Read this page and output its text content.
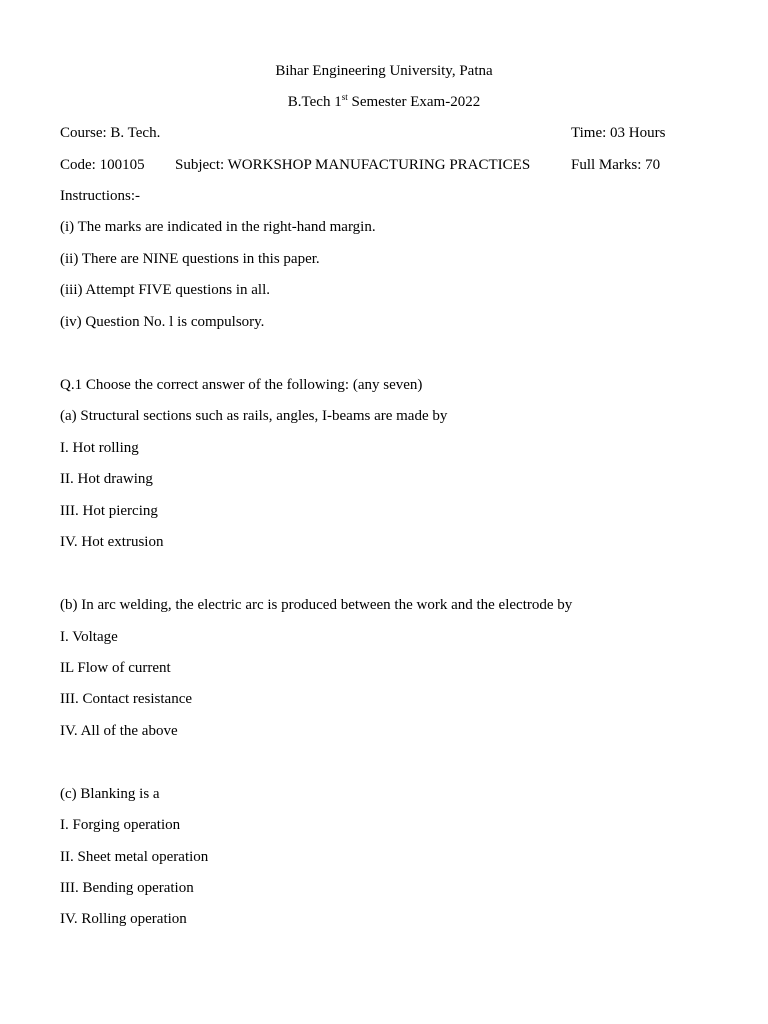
Bihar Engineering University, Patna
B.Tech 1st Semester Exam-2022
Course: B. Tech.	Time: 03 Hours
Code: 100105 Subject: WORKSHOP MANUFACTURING PRACTICES	Full Marks: 70
Instructions:-
(i) The marks are indicated in the right-hand margin.
(ii) There are NINE questions in this paper.
(iii) Attempt FIVE questions in all.
(iv) Question No. l is compulsory.
Q.1 Choose the correct answer of the following: (any seven)
(a) Structural sections such as rails, angles, I-beams are made by
I. Hot rolling
II. Hot drawing
III. Hot piercing
IV. Hot extrusion
(b) In arc welding, the electric arc is produced between the work and the electrode by
I. Voltage
IL Flow of current
III. Contact resistance
IV. All of the above
(c) Blanking is a
I. Forging operation
II. Sheet metal operation
III. Bending operation
IV. Rolling operation
